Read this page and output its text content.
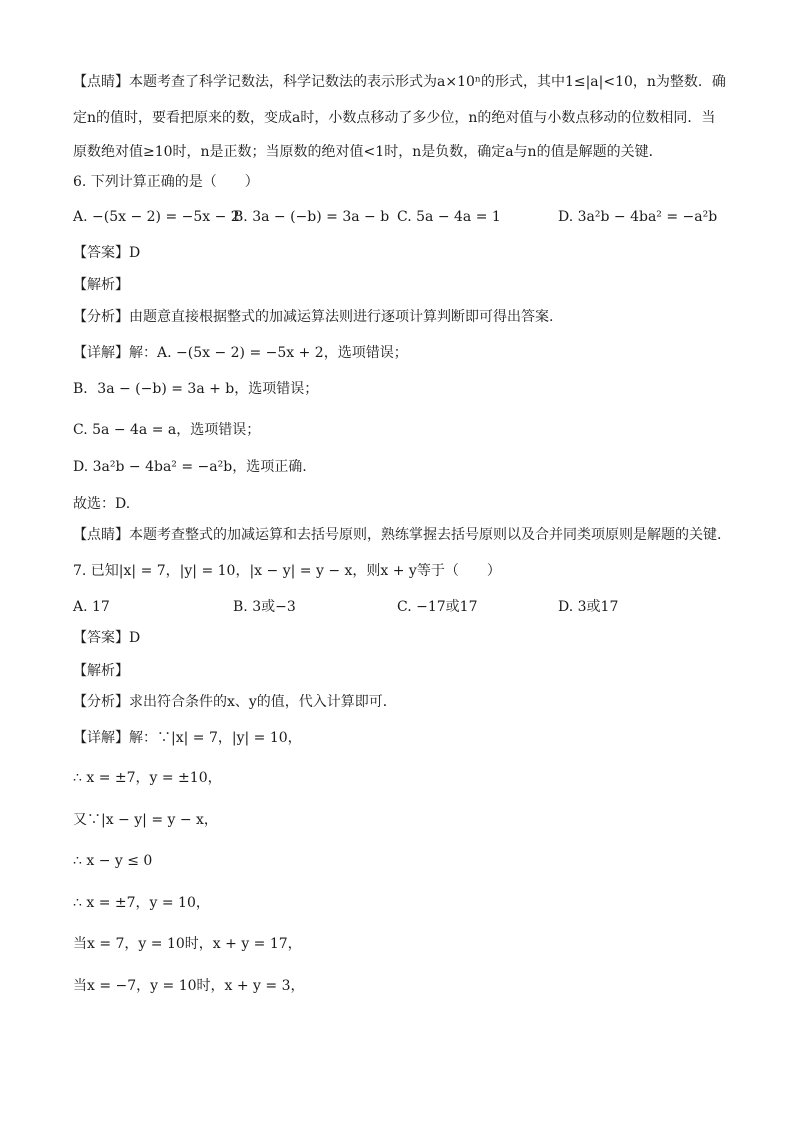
【点睛】本题考查了科学记数法，科学记数法的表示形式为a×10ⁿ的形式，其中1≤|a|<10，n为整数．确
定n的值时，要看把原来的数，变成a时，小数点移动了多少位，n的绝对值与小数点移动的位数相同．当
原数绝对值≥10时，n是正数；当原数的绝对值<1时，n是负数，确定a与n的值是解题的关键．
6. 下列计算正确的是（　　）
A. −(5x − 2) = −5x − 2
B. 3a − (−b) = 3a − b C. 5a − 4a = 1	D. 3a²b − 4ba² = −a²b
【答案】D
【解析】
【分析】由题意直接根据整式的加减运算法则进行逐项计算判断即可得出答案.
【详解】解：A. −(5x − 2) = −5x + 2，选项错误；
B．3a − (−b) = 3a + b，选项错误；
C. 5a − 4a = a，选项错误；
D. 3a²b − 4ba² = −a²b，选项正确.
故选：D.
【点睛】本题考查整式的加减运算和去括号原则，熟练掌握去括号原则以及合并同类项原则是解题的关键.
7. 已知|x| = 7，|y| = 10，|x − y| = y − x，则x + y等于（　　）
A. 17	B. 3或−3	C. −17或17	D. 3或17
【答案】D
【解析】
【分析】求出符合条件的x、y的值，代入计算即可．
【详解】解：∵|x| = 7，|y| = 10，
∴ x = ±7，y = ±10，
又∵|x − y| = y − x，
∴ x − y ≤ 0
∴ x = ±7，y = 10，
当x = 7，y = 10时，x + y = 17，
当x = −7，y = 10时，x + y = 3，
